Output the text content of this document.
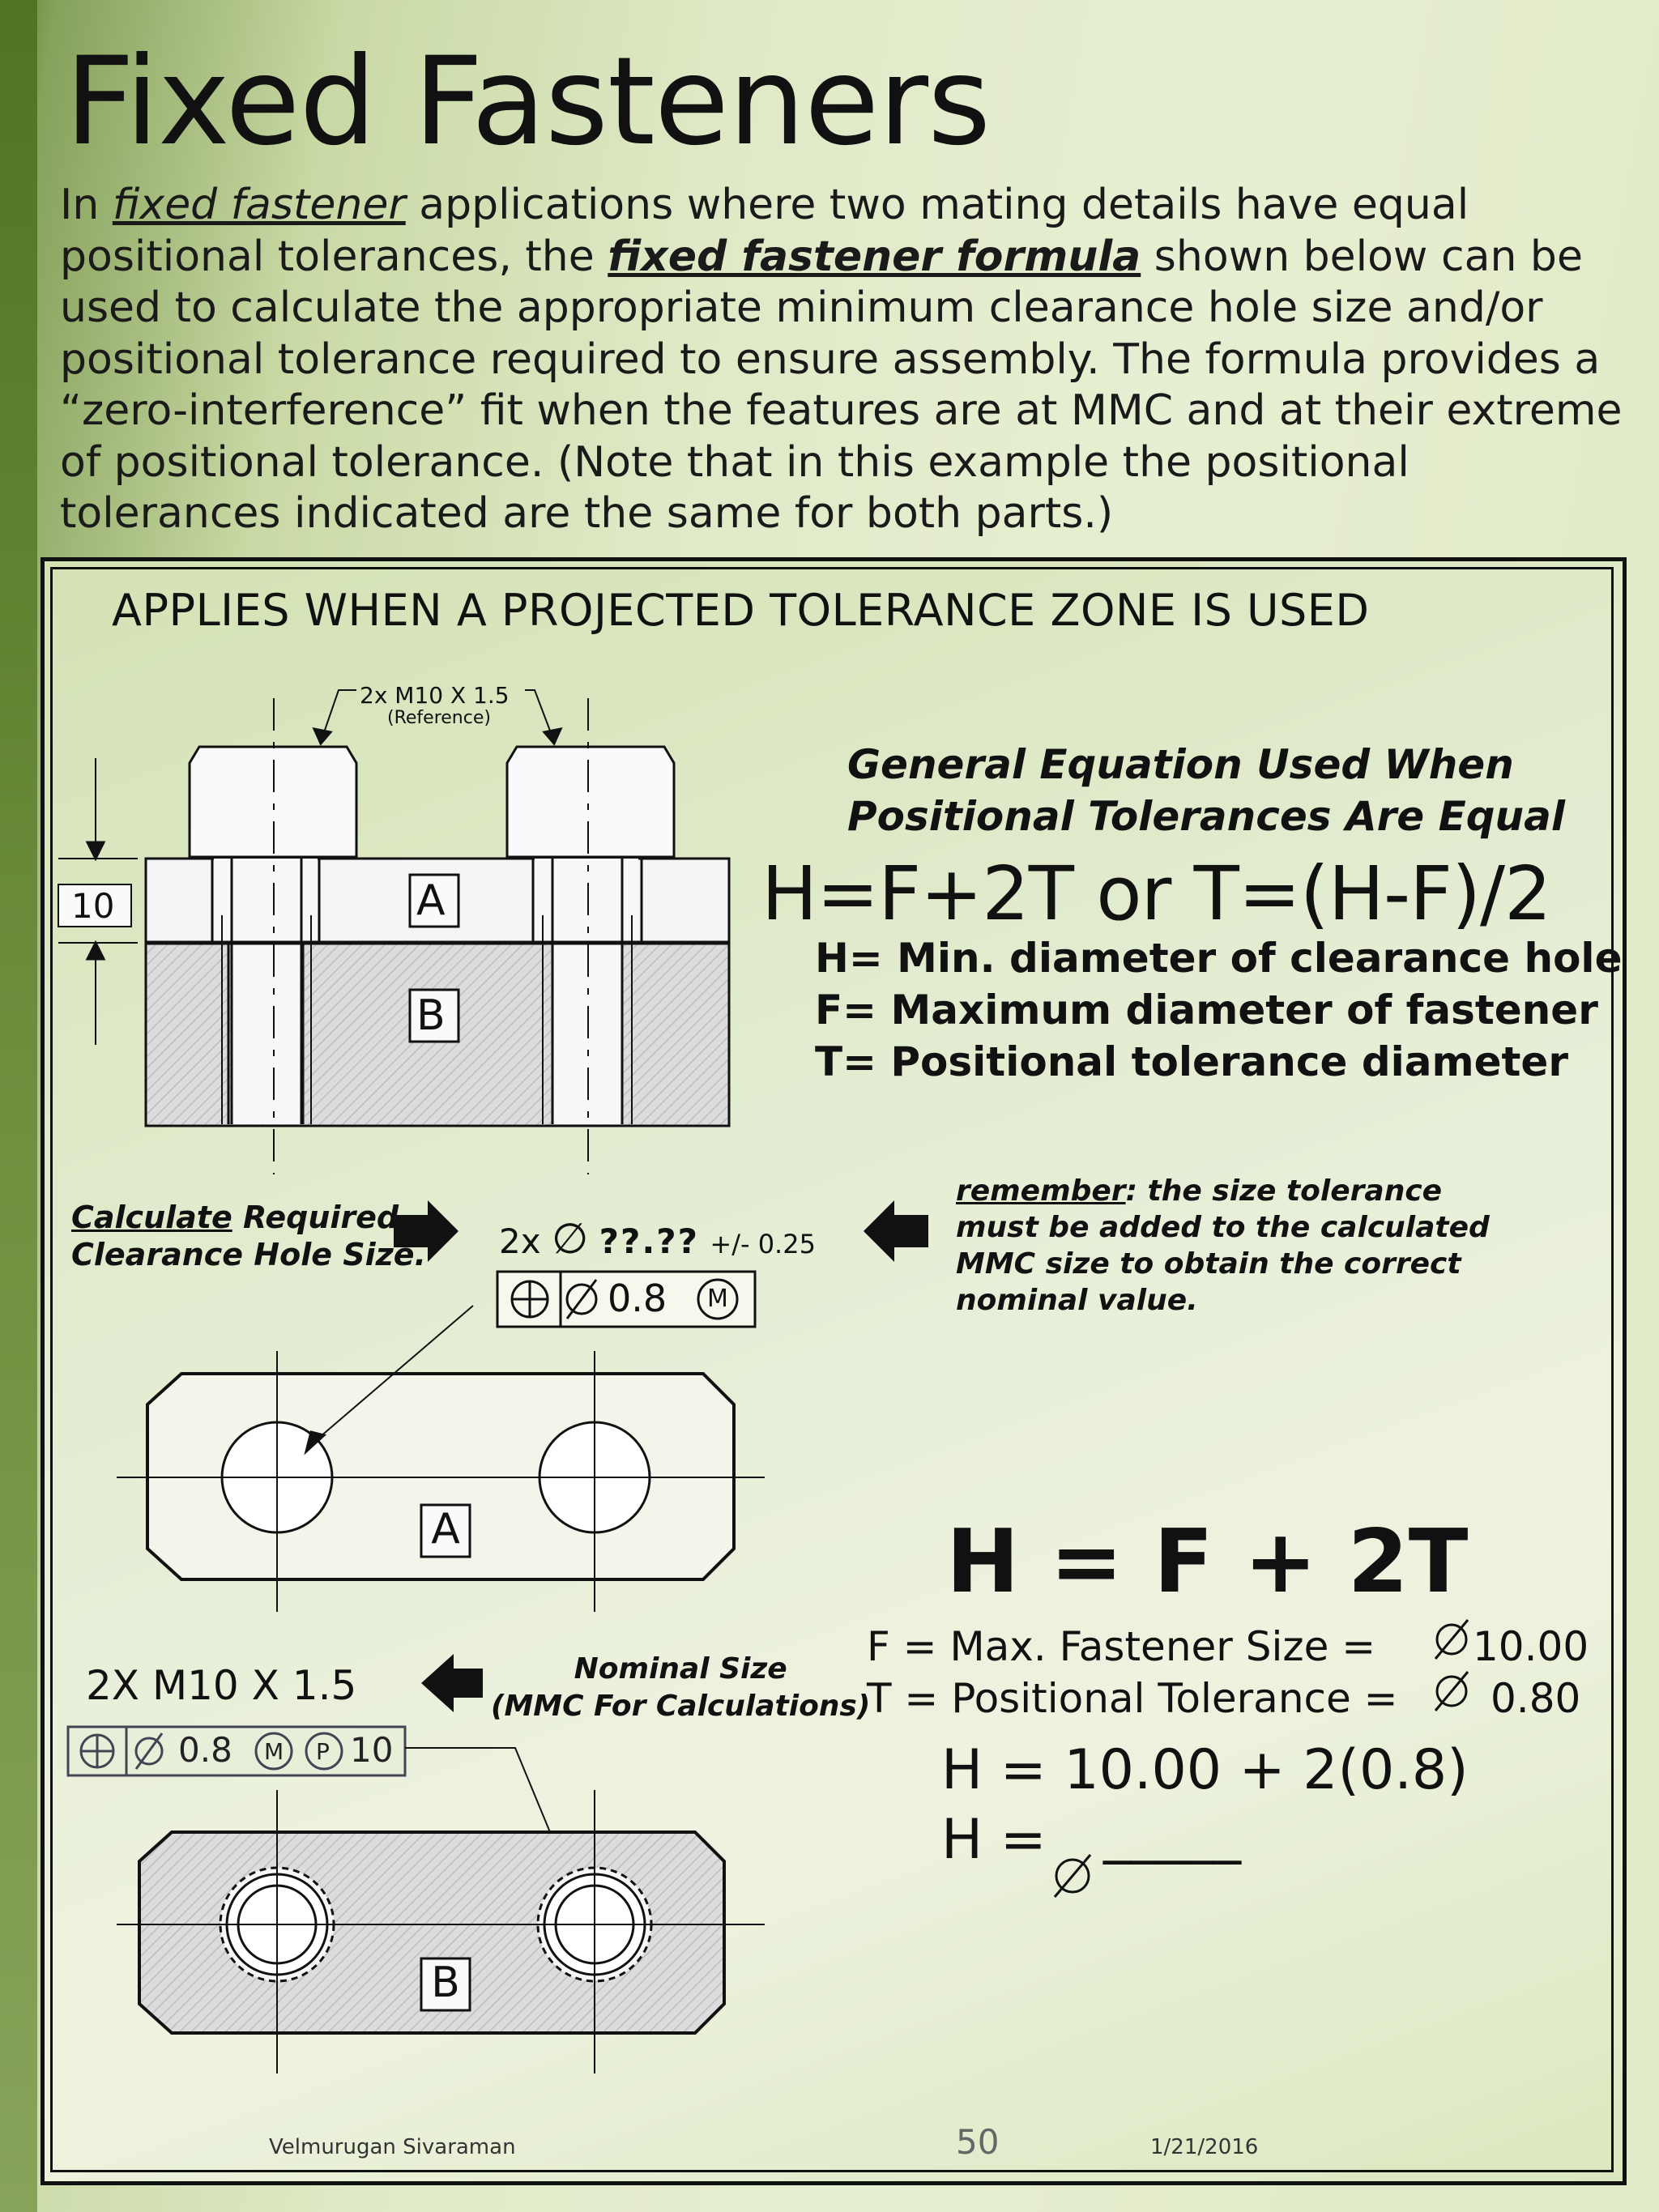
Fixed Fasteners
In fixed fastener applications where two mating details have equal positional tolerances, the fixed fastener formula shown below can be used to calculate the appropriate minimum clearance hole size and/or positional tolerance required to ensure assembly. The formula provides a “zero-interference” fit when the features are at MMC and at their extreme of positional tolerance. (Note that in this example the positional tolerances indicated are the same for both parts.)
APPLIES WHEN A PROJECTED TOLERANCE ZONE IS USED
2x M10 X 1.5
(Reference)
10	A
B
General Equation Used When
Positional Tolerances Are Equal
H=F+2T or T=(H-F)/2
H= Min. diameter of clearance hole
F= Maximum diameter of fastener
T= Positional tolerance diameter
Calculate Required
Clearance Hole Size. 2x ∅ ??.?? +/- 0.25
0.8 M
remember: the size tolerance
must be added to the calculated
MMC size to obtain the correct
nominal value.
A	H = F + 2T
F = Max. Fastener Size = 10.00
T = Positional Tolerance = 0.80
H = 10.00 + 2(0.8)
H = _____
2X M10 X 1.5	Nominal Size
(MMC For Calculations)
0.8 M P 10
B
Velmurugan Sivaraman	50	1/21/2016
